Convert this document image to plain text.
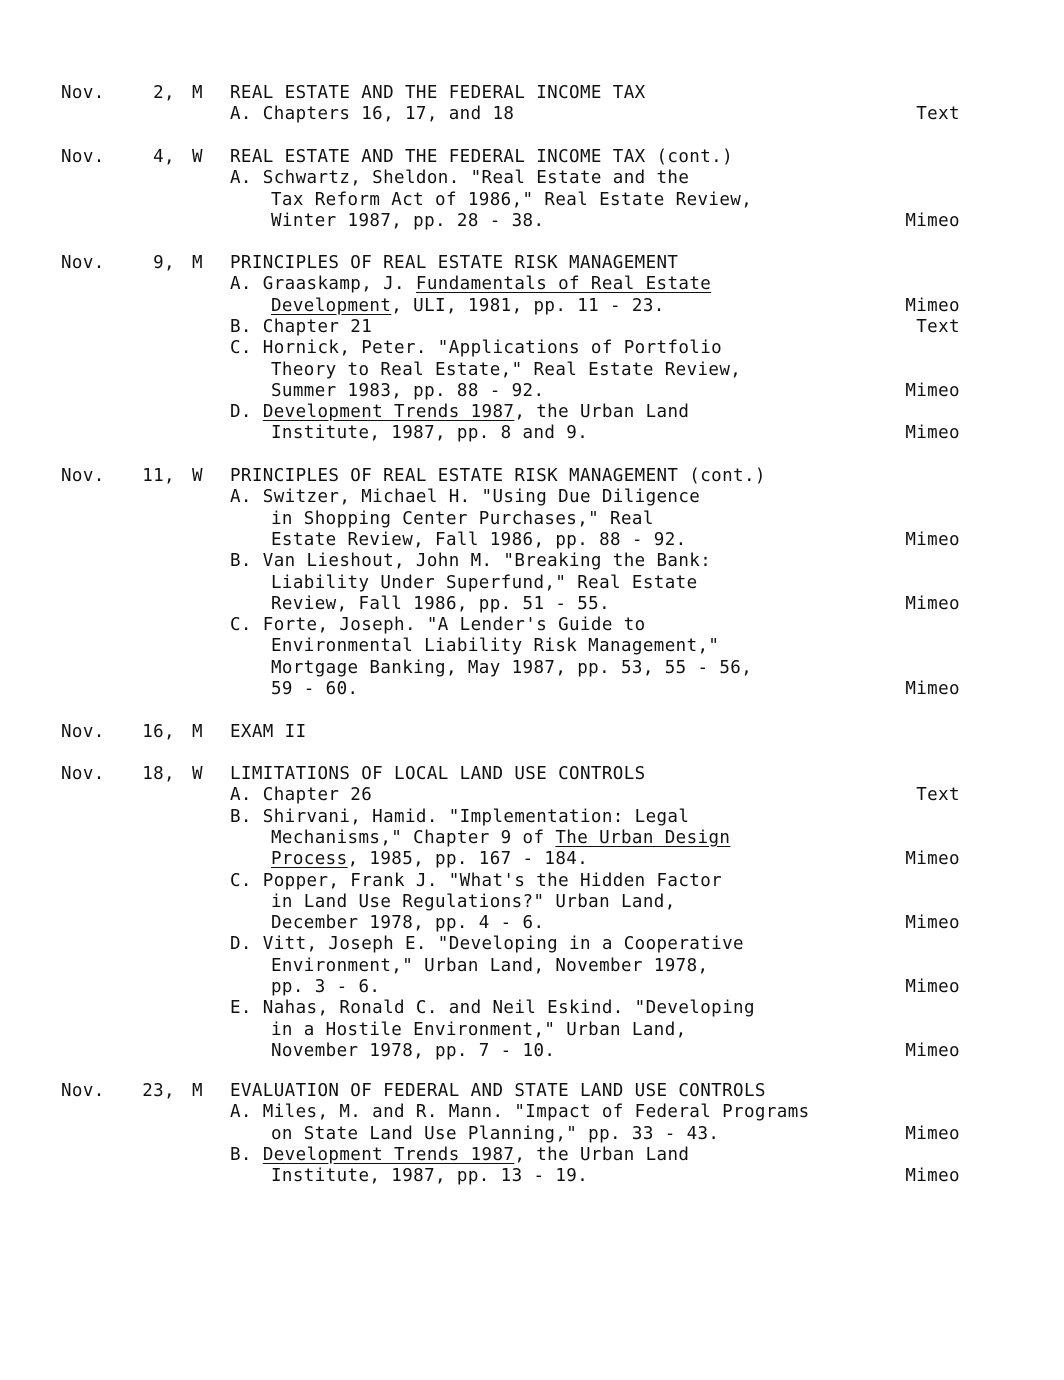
Nov.	2, M REAL ESTATE AND THE FEDERAL INCOME TAX
A. Chapters 16, 17, and 18	Text
Nov.	4, W REAL ESTATE AND THE FEDERAL INCOME TAX (cont.)
A. Schwartz, Sheldon. "Real Estate and the
Tax Reform Act of 1986," Real Estate Review,
Winter 1987, pp. 28 - 38.	Mimeo
Nov.	9, M PRINCIPLES OF REAL ESTATE RISK MANAGEMENT
A. Graaskamp, J. Fundamentals of Real Estate
Development, ULI, 1981, pp. 11 - 23.	Mimeo
B. Chapter 21	Text
C. Hornick, Peter. "Applications of Portfolio
Theory to Real Estate," Real Estate Review,
Summer 1983, pp. 88 - 92.	Mimeo
D. Development Trends 1987, the Urban Land
Institute, 1987, pp. 8 and 9.	Mimeo
Nov.	11, W PRINCIPLES OF REAL ESTATE RISK MANAGEMENT (cont.)
A. Switzer, Michael H. "Using Due Diligence
in Shopping Center Purchases," Real
Estate Review, Fall 1986, pp. 88 - 92.	Mimeo
B. Van Lieshout, John M. "Breaking the Bank:
Liability Under Superfund," Real Estate
Review, Fall 1986, pp. 51 - 55.	Mimeo
C. Forte, Joseph. "A Lender's Guide to
Environmental Liability Risk Management,"
Mortgage Banking, May 1987, pp. 53, 55 - 56,
59 - 60.	Mimeo
Nov.	16, M EXAM II
Nov.	18, W LIMITATIONS OF LOCAL LAND USE CONTROLS
A. Chapter 26	Text
B. Shirvani, Hamid. "Implementation: Legal
Mechanisms," Chapter 9 of The Urban Design
Process, 1985, pp. 167 - 184.	Mimeo
C. Popper, Frank J. "What's the Hidden Factor
in Land Use Regulations?" Urban Land,
December 1978, pp. 4 - 6.	Mimeo
D. Vitt, Joseph E. "Developing in a Cooperative
Environment," Urban Land, November 1978,
pp. 3 - 6.	Mimeo
E. Nahas, Ronald C. and Neil Eskind. "Developing
in a Hostile Environment," Urban Land,
November 1978, pp. 7 - 10.	Mimeo
Nov.	23, M EVALUATION OF FEDERAL AND STATE LAND USE CONTROLS
A. Miles, M. and R. Mann. "Impact of Federal Programs
on State Land Use Planning," pp. 33 - 43.	Mimeo
B. Development Trends 1987, the Urban Land
Institute, 1987, pp. 13 - 19.	Mimeo
